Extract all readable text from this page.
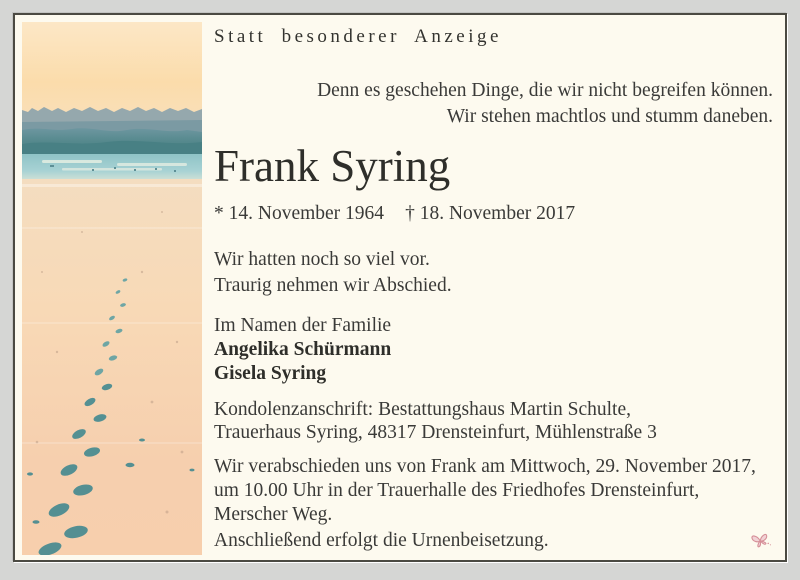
Statt besonderer Anzeige
Denn es geschehen Dinge, die wir nicht begreifen können.
Wir stehen machtlos und stumm daneben.
Frank Syring
* 14. November 1964 † 18. November 2017
Wir hatten noch so viel vor.
Traurig nehmen wir Abschied.
Im Namen der Familie
Angelika Schürmann
Gisela Syring
Kondolenzanschrift: Bestattungshaus Martin Schulte,
Trauerhaus Syring, 48317 Drensteinfurt, Mühlenstraße 3
Wir verabschieden uns von Frank am Mittwoch, 29. November 2017,
um 10.00 Uhr in der Trauerhalle des Friedhofes Drensteinfurt,
Merscher Weg.
Anschließend erfolgt die Urnenbeisetzung.
